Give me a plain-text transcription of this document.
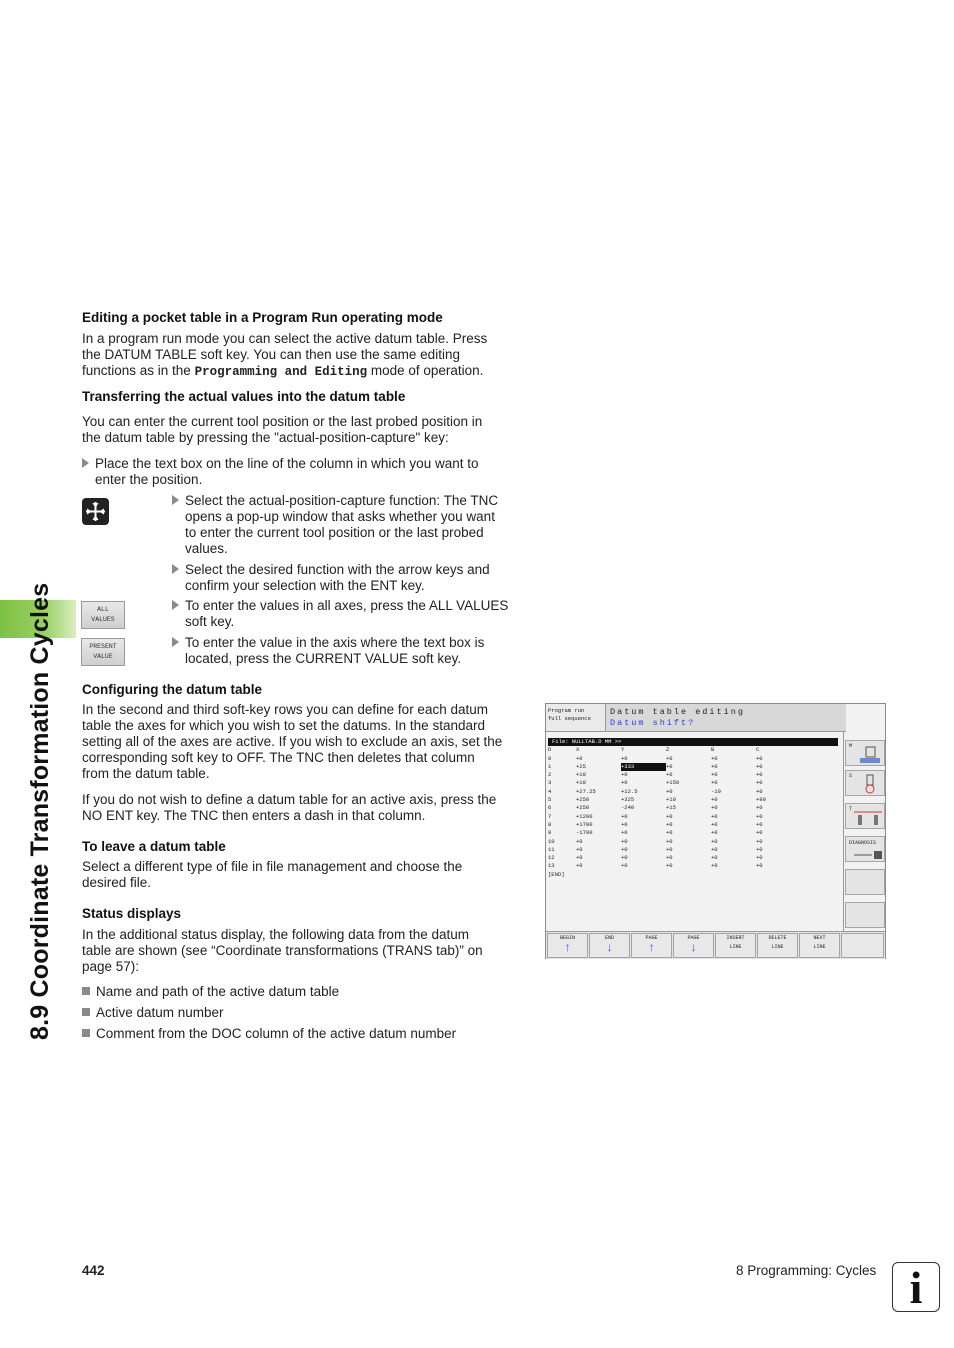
8.9 Coordinate Transformation Cycles
Editing a pocket table in a Program Run operating mode
In a program run mode you can select the active datum table. Press
the DATUM TABLE soft key. You can then use the same editing
functions as in the Programming and Editing mode of operation.
Transferring the actual values into the datum table
You can enter the current tool position or the last probed position in
the datum table by pressing the "actual-position-capture" key:
Place the text box on the line of the column in which you want to
enter the position.
Select the actual-position-capture function: The TNC
opens a pop-up window that asks whether you want
to enter the current tool position or the last probed
values.
Select the desired function with the arrow keys and
confirm your selection with the ENT key.
ALL
VALUES
To enter the values in all axes, press the ALL VALUES
soft key.
PRESENT
VALUE
To enter the value in the axis where the text box is
located, press the CURRENT VALUE soft key.
Configuring the datum table
In the second and third soft-key rows you can define for each datum
table the axes for which you wish to set the datums. In the standard
setting all of the axes are active. If you wish to exclude an axis, set the
corresponding soft key to OFF. The TNC then deletes that column
from the datum table.
If you do not wish to define a datum table for an active axis, press the
NO ENT key. The TNC then enters a dash in that column.
To leave a datum table
Select a different type of file in file management and choose the
desired file.
Status displays
In the additional status display, the following data from the datum
table are shown (see “Coordinate transformations (TRANS tab)” on
page 57):
Name and path of the active datum table
Active datum number
Comment from the DOC column of the active datum number
Program run
full sequence
Datum table editing
Datum shift?
File: NULLTAB.D MM >>
D	X	Y	Z	B	C
0	+0	+0	+0	+0	+0
1	+25	+333	+0	+0	+0
2	+10	+0	+0	+0	+0
3	+10	+0	+150	+0	+0
4	+27.25	+12.5	+0	-10	+0
5	+250	+325	+10	+0	+90
6	+250	-240	+15	+0	+0
7	+1200	+0	+0	+0	+0
8	+1700	+0	+0	+0	+0
9	-1700	+0	+0	+0	+0
10	+0	+0	+0	+0	+0
11	+0	+0	+0	+0	+0
12	+0	+0	+0	+0	+0
13	+0	+0	+0	+0	+0
[END]
M
S
T
DIAGNOSIS
BEGIN
↑
END
↓
PAGE
↑
PAGE
↓
INSERT
LINE
DELETE
LINE
NEXT
LINE
442	8 Programming: Cycles i
